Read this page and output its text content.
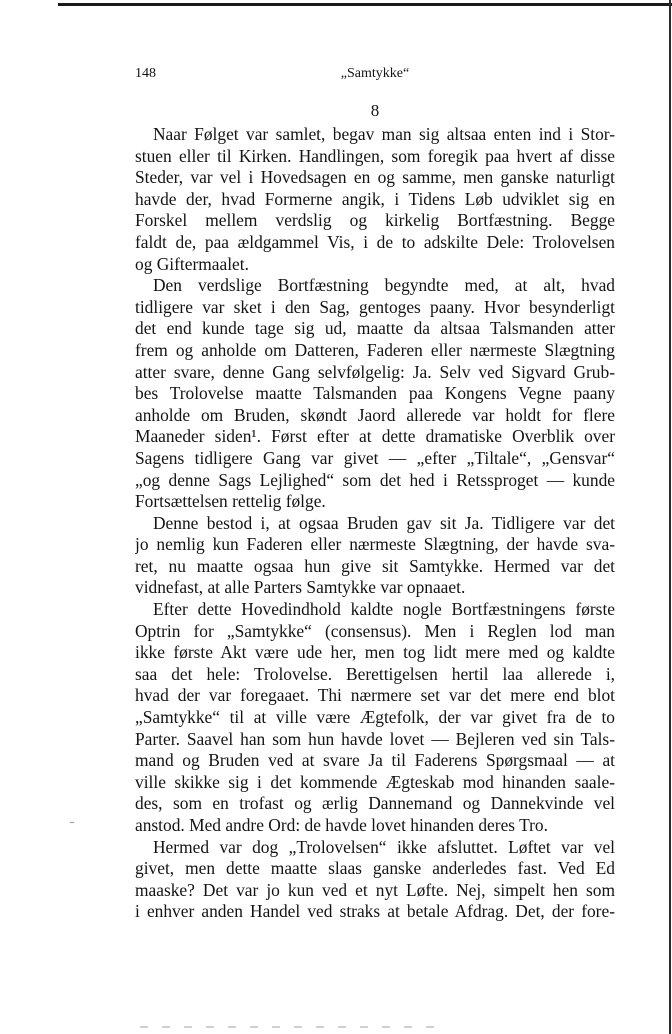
148	„Samtykke“
8
Naar Følget var samlet, begav man sig altsaa enten ind i Stor-
stuen eller til Kirken. Handlingen, som foregik paa hvert af disse
Steder, var vel i Hovedsagen en og samme, men ganske naturligt
havde der, hvad Formerne angik, i Tidens Løb udviklet sig en
Forskel mellem verdslig og kirkelig Bortfæstning. Begge
faldt de, paa ældgammel Vis, i de to adskilte Dele: Trolovelsen
og Giftermaalet.
Den verdslige Bortfæstning begyndte med, at alt, hvad
tidligere var sket i den Sag, gentoges paany. Hvor besynderligt
det end kunde tage sig ud, maatte da altsaa Talsmanden atter
frem og anholde om Datteren, Faderen eller nærmeste Slægtning
atter svare, denne Gang selvfølgelig: Ja. Selv ved Sigvard Grub-
bes Trolovelse maatte Talsmanden paa Kongens Vegne paany
anholde om Bruden, skøndt Jaord allerede var holdt for flere
Maaneder siden¹. Først efter at dette dramatiske Overblik over
Sagens tidligere Gang var givet — „efter „Tiltale“, „Gensvar“
„og denne Sags Lejlighed“ som det hed i Retssproget — kunde
Fortsættelsen rettelig følge.
Denne bestod i, at ogsaa Bruden gav sit Ja. Tidligere var det
jo nemlig kun Faderen eller nærmeste Slægtning, der havde sva-
ret, nu maatte ogsaa hun give sit Samtykke. Hermed var det
vidnefast, at alle Parters Samtykke var opnaaet.
Efter dette Hovedindhold kaldte nogle Bortfæstningens første
Optrin for „Samtykke“ (consensus). Men i Reglen lod man
ikke første Akt være ude her, men tog lidt mere med og kaldte
saa det hele: Trolovelse. Berettigelsen hertil laa allerede i,
hvad der var foregaaet. Thi nærmere set var det mere end blot
„Samtykke“ til at ville være Ægtefolk, der var givet fra de to
Parter. Saavel han som hun havde lovet — Bejleren ved sin Tals-
mand og Bruden ved at svare Ja til Faderens Spørgsmaal — at
ville skikke sig i det kommende Ægteskab mod hinanden saale-
des, som en trofast og ærlig Dannemand og Dannekvinde vel
anstod. Med andre Ord: de havde lovet hinanden deres Tro.
Hermed var dog „Trolovelsen“ ikke afsluttet. Løftet var vel
givet, men dette maatte slaas ganske anderledes fast. Ved Ed
maaske? Det var jo kun ved et nyt Løfte. Nej, simpelt hen som
i enhver anden Handel ved straks at betale Afdrag. Det, der fore-
